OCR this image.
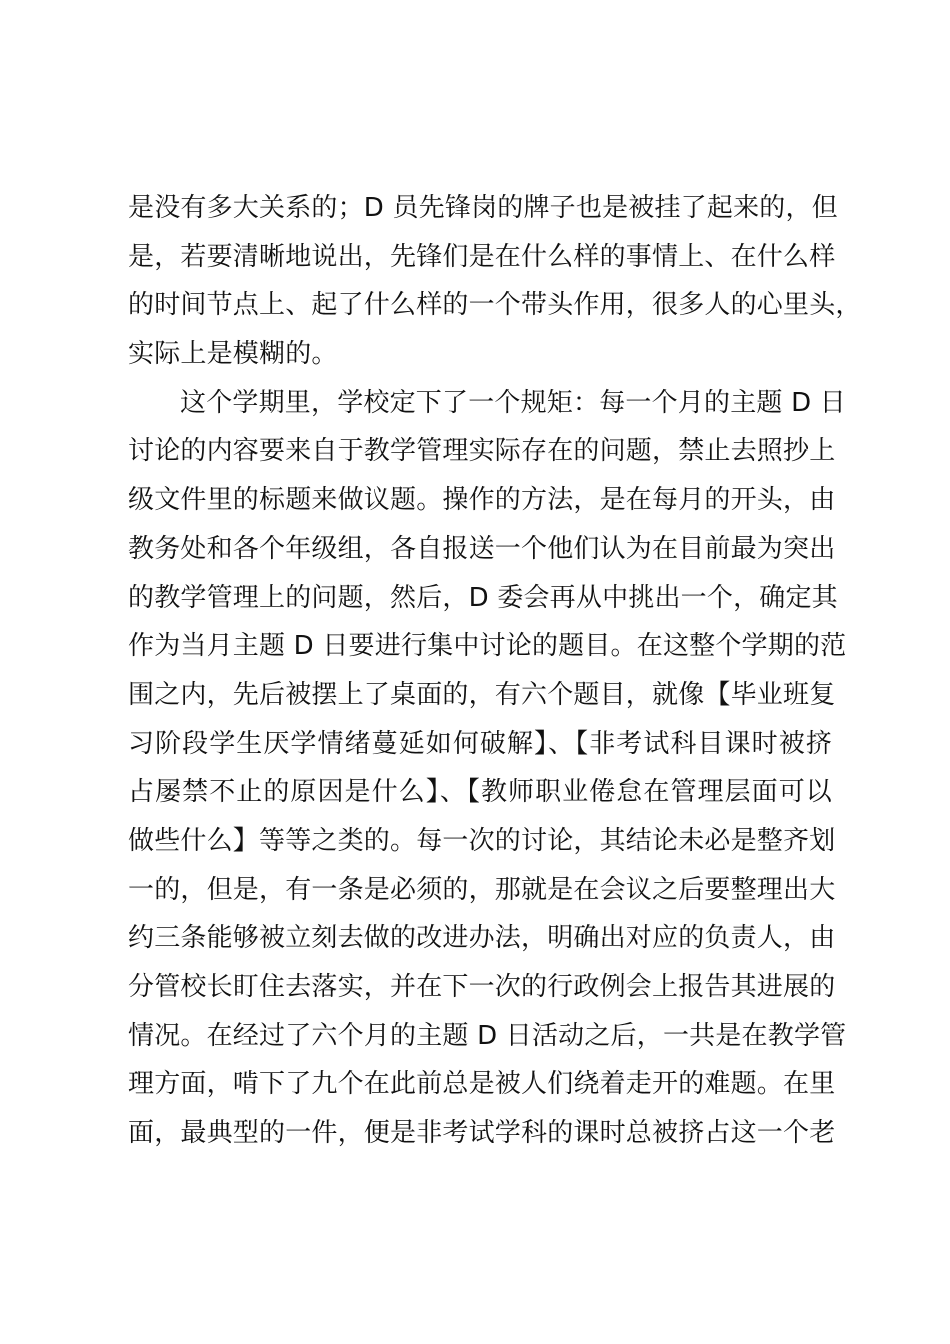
是没有多大关系的；D 员先锋岗的牌子也是被挂了起来的，但
是，若要清晰地说出，先锋们是在什么样的事情上、在什么样
的时间节点上、起了什么样的一个带头作用，很多人的心里头，
实际上是模糊的。
这个学期里，学校定下了一个规矩：每一个月的主题 D 日
讨论的内容要来自于教学管理实际存在的问题，禁止去照抄上
级文件里的标题来做议题。操作的方法，是在每月的开头，由
教务处和各个年级组，各自报送一个他们认为在目前最为突出
的教学管理上的问题，然后，D 委会再从中挑出一个，确定其
作为当月主题 D 日要进行集中讨论的题目。在这整个学期的范
围之内，先后被摆上了桌面的，有六个题目，就像【毕业班复
习阶段学生厌学情绪蔓延如何破解】、【非考试科目课时被挤
占屡禁不止的原因是什么】、【教师职业倦怠在管理层面可以
做些什么】等等之类的。每一次的讨论，其结论未必是整齐划
一的，但是，有一条是必须的，那就是在会议之后要整理出大
约三条能够被立刻去做的改进办法，明确出对应的负责人，由
分管校长盯住去落实，并在下一次的行政例会上报告其进展的
情况。在经过了六个月的主题 D 日活动之后，一共是在教学管
理方面，啃下了九个在此前总是被人们绕着走开的难题。在里
面，最典型的一件，便是非考试学科的课时总被挤占这一个老
